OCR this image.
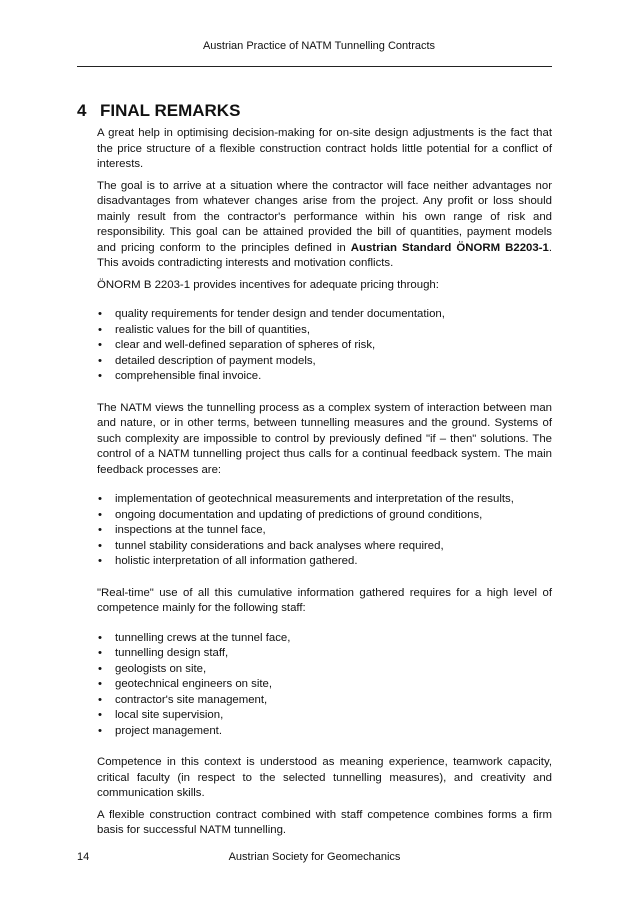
Austrian Practice of NATM Tunnelling Contracts
4 FINAL REMARKS

A great help in optimising decision-making for on-site design adjustments is the fact that the price structure of a flexible construction contract holds little potential for a conflict of interests.

The goal is to arrive at a situation where the contractor will face neither advantages nor disadvantages from whatever changes arise from the project. Any profit or loss should mainly result from the contractor's performance within his own range of risk and responsibility. This goal can be attained provided the bill of quantities, payment models and pricing conform to the principles defined in Austrian Standard ÖNORM B2203-1. This avoids contradicting interests and motivation conflicts.

ÖNORM B 2203-1 provides incentives for adequate pricing through:

• quality requirements for tender design and tender documentation,
• realistic values for the bill of quantities,
• clear and well-defined separation of spheres of risk,
• detailed description of payment models,
• comprehensible final invoice.

The NATM views the tunnelling process as a complex system of interaction between man and nature, or in other terms, between tunnelling measures and the ground. Systems of such complexity are impossible to control by previously defined "if – then" solutions. The control of a NATM tunnelling project thus calls for a continual feedback system. The main feedback processes are:

• implementation of geotechnical measurements and interpretation of the results,
• ongoing documentation and updating of predictions of ground conditions,
• inspections at the tunnel face,
• tunnel stability considerations and back analyses where required,
• holistic interpretation of all information gathered.

"Real-time" use of all this cumulative information gathered requires for a high level of competence mainly for the following staff:

• tunnelling crews at the tunnel face,
• tunnelling design staff,
• geologists on site,
• geotechnical engineers on site,
• contractor's site management,
• local site supervision,
• project management.

Competence in this context is understood as meaning experience, teamwork capacity, critical faculty (in respect to the selected tunnelling measures), and creativity and communication skills.

A flexible construction contract combined with staff competence combines forms a firm basis for successful NATM tunnelling.

14	Austrian Society for Geomechanics
